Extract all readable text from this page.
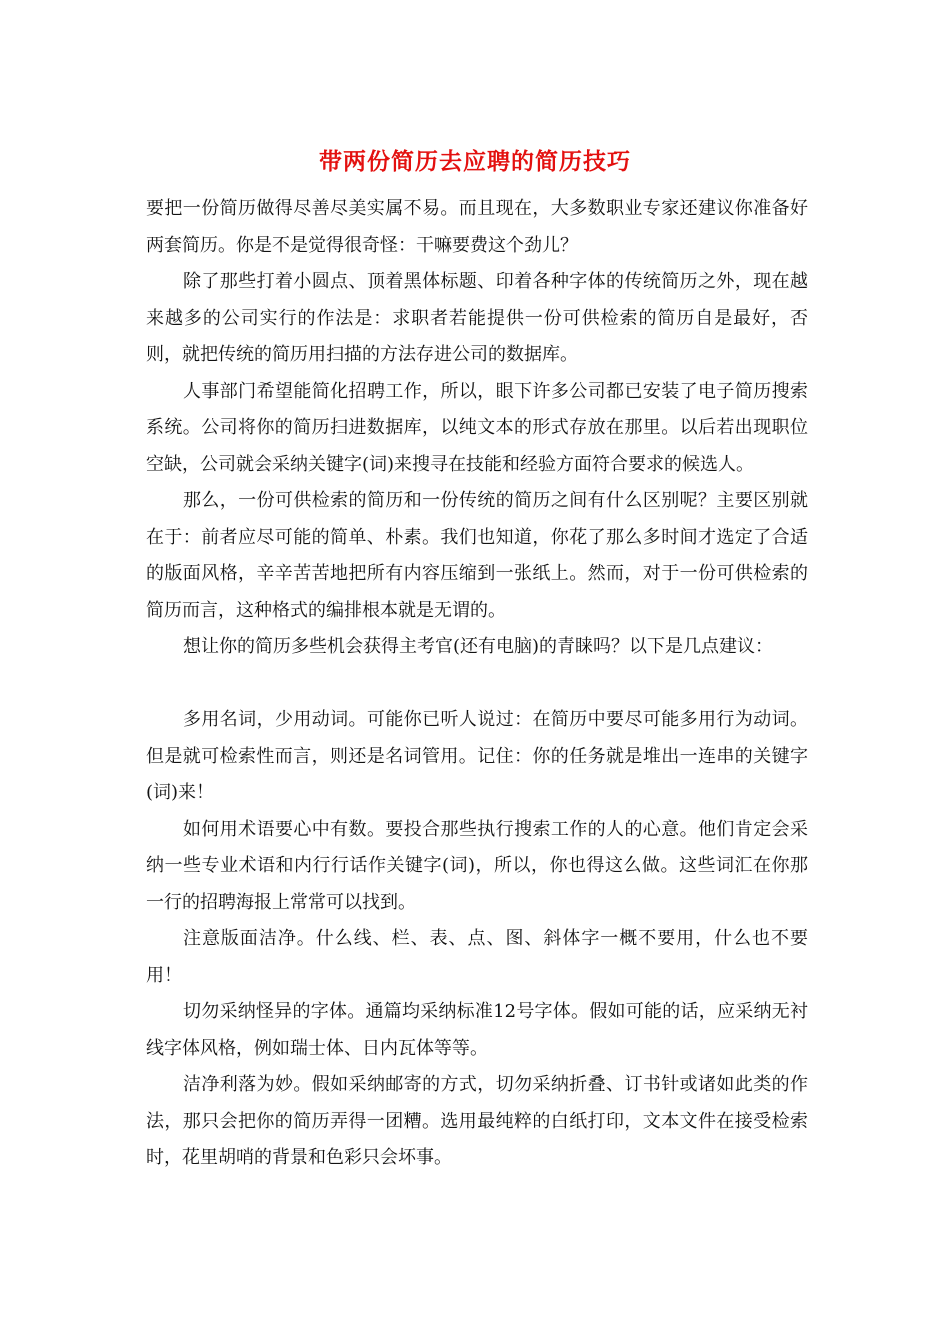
带两份简历去应聘的简历技巧

要把一份简历做得尽善尽美实属不易。而且现在，大多数职业专家还建议你准备好两套简历。你是不是觉得很奇怪：干嘛要费这个劲儿？

除了那些打着小圆点、顶着黑体标题、印着各种字体的传统简历之外，现在越来越多的公司实行的作法是：求职者若能提供一份可供检索的简历自是最好，否则，就把传统的简历用扫描的方法存进公司的数据库。

人事部门希望能简化招聘工作，所以，眼下许多公司都已安装了电子简历搜索系统。公司将你的简历扫进数据库，以纯文本的形式存放在那里。以后若出现职位空缺，公司就会采纳关键字(词)来搜寻在技能和经验方面符合要求的候选人。

那么，一份可供检索的简历和一份传统的简历之间有什么区别呢？主要区别就在于：前者应尽可能的简单、朴素。我们也知道，你花了那么多时间才选定了合适的版面风格，辛辛苦苦地把所有内容压缩到一张纸上。然而，对于一份可供检索的简历而言，这种格式的编排根本就是无谓的。

想让你的简历多些机会获得主考官(还有电脑)的青睐吗？以下是几点建议：

多用名词，少用动词。可能你已听人说过：在简历中要尽可能多用行为动词。但是就可检索性而言，则还是名词管用。记住：你的任务就是堆出一连串的关键字(词)来！

如何用术语要心中有数。要投合那些执行搜索工作的人的心意。他们肯定会采纳一些专业术语和内行行话作关键字(词)，所以，你也得这么做。这些词汇在你那一行的招聘海报上常常可以找到。

注意版面洁净。什么线、栏、表、点、图、斜体字一概不要用，什么也不要用！

切勿采纳怪异的字体。通篇均采纳标准12号字体。假如可能的话，应采纳无衬线字体风格，例如瑞士体、日内瓦体等等。

洁净利落为妙。假如采纳邮寄的方式，切勿采纳折叠、订书针或诸如此类的作法，那只会把你的简历弄得一团糟。选用最纯粹的白纸打印，文本文件在接受检索时，花里胡哨的背景和色彩只会坏事。
